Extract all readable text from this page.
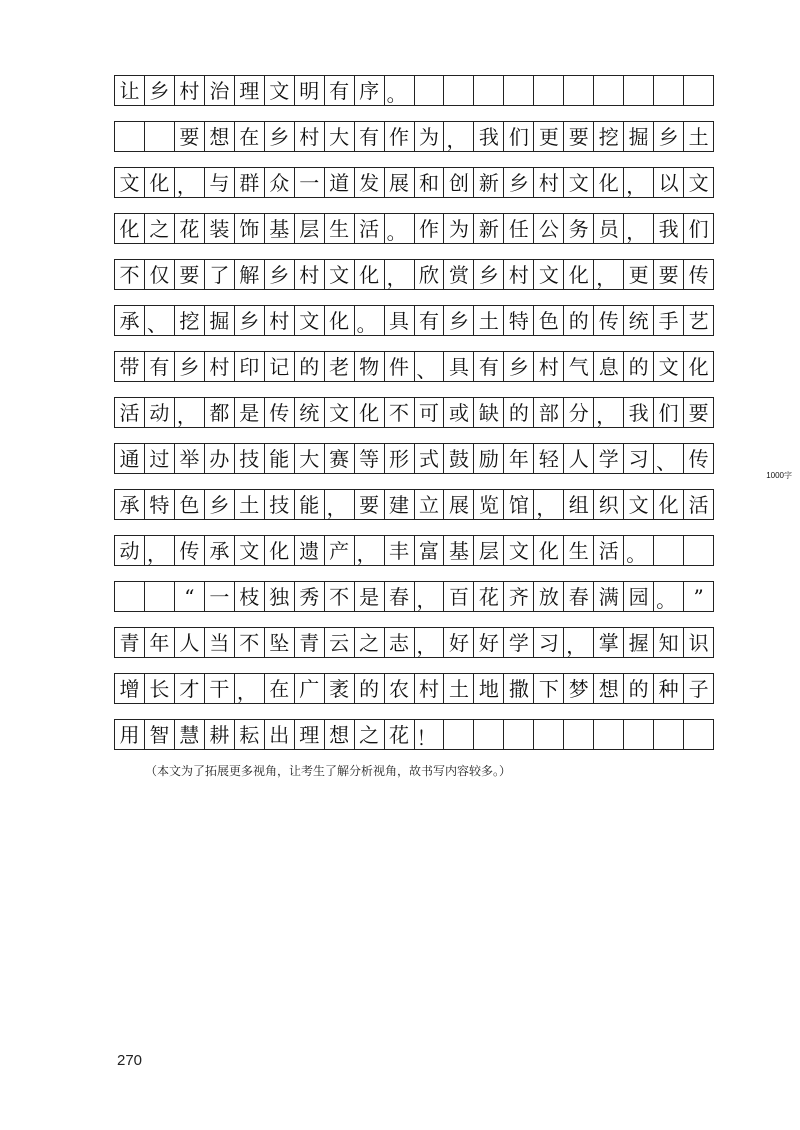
让 乡 村 治 理 文 明 有 序 。
要 想 在 乡 村 大 有 作 为 ， 我 们 更 要 挖 掘 乡 土
文 化 ， 与 群 众 一 道 发 展 和 创 新 乡 村 文 化 ， 以 文
化 之 花 装 饰 基 层 生 活 。 作 为 新 任 公 务 员 ， 我 们
不 仅 要 了 解 乡 村 文 化 ， 欣 赏 乡 村 文 化 ， 更 要 传
承 、 挖 掘 乡 村 文 化 。 具 有 乡 土 特 色 的 传 统 手 艺
带 有 乡 村 印 记 的 老 物 件 、 具 有 乡 村 气 息 的 文 化
活 动 ， 都 是 传 统 文 化 不 可 或 缺 的 部 分 ， 我 们 要
通 过 举 办 技 能 大 赛 等 形 式 鼓 励 年 轻 人 学 习 、 传
承 特 色 乡 土 技 能 ， 要 建 立 展 览 馆 ， 组 织 文 化 活
动 ， 传 承 文 化 遗 产 ， 丰 富 基 层 文 化 生 活 。
“ 一 枝 独 秀 不 是 春 ， 百 花 齐 放 春 满 园 。 ”
青 年 人 当 不 坠 青 云 之 志 ， 好 好 学 习 ， 掌 握 知 识
增 长 才 干 ， 在 广 袤 的 农 村 土 地 撒 下 梦 想 的 种 子
用 智 慧 耕 耘 出 理 想 之 花 ！
1000字
（本文为了拓展更多视角，让考生了解分析视角，故书写内容较多。）
270
